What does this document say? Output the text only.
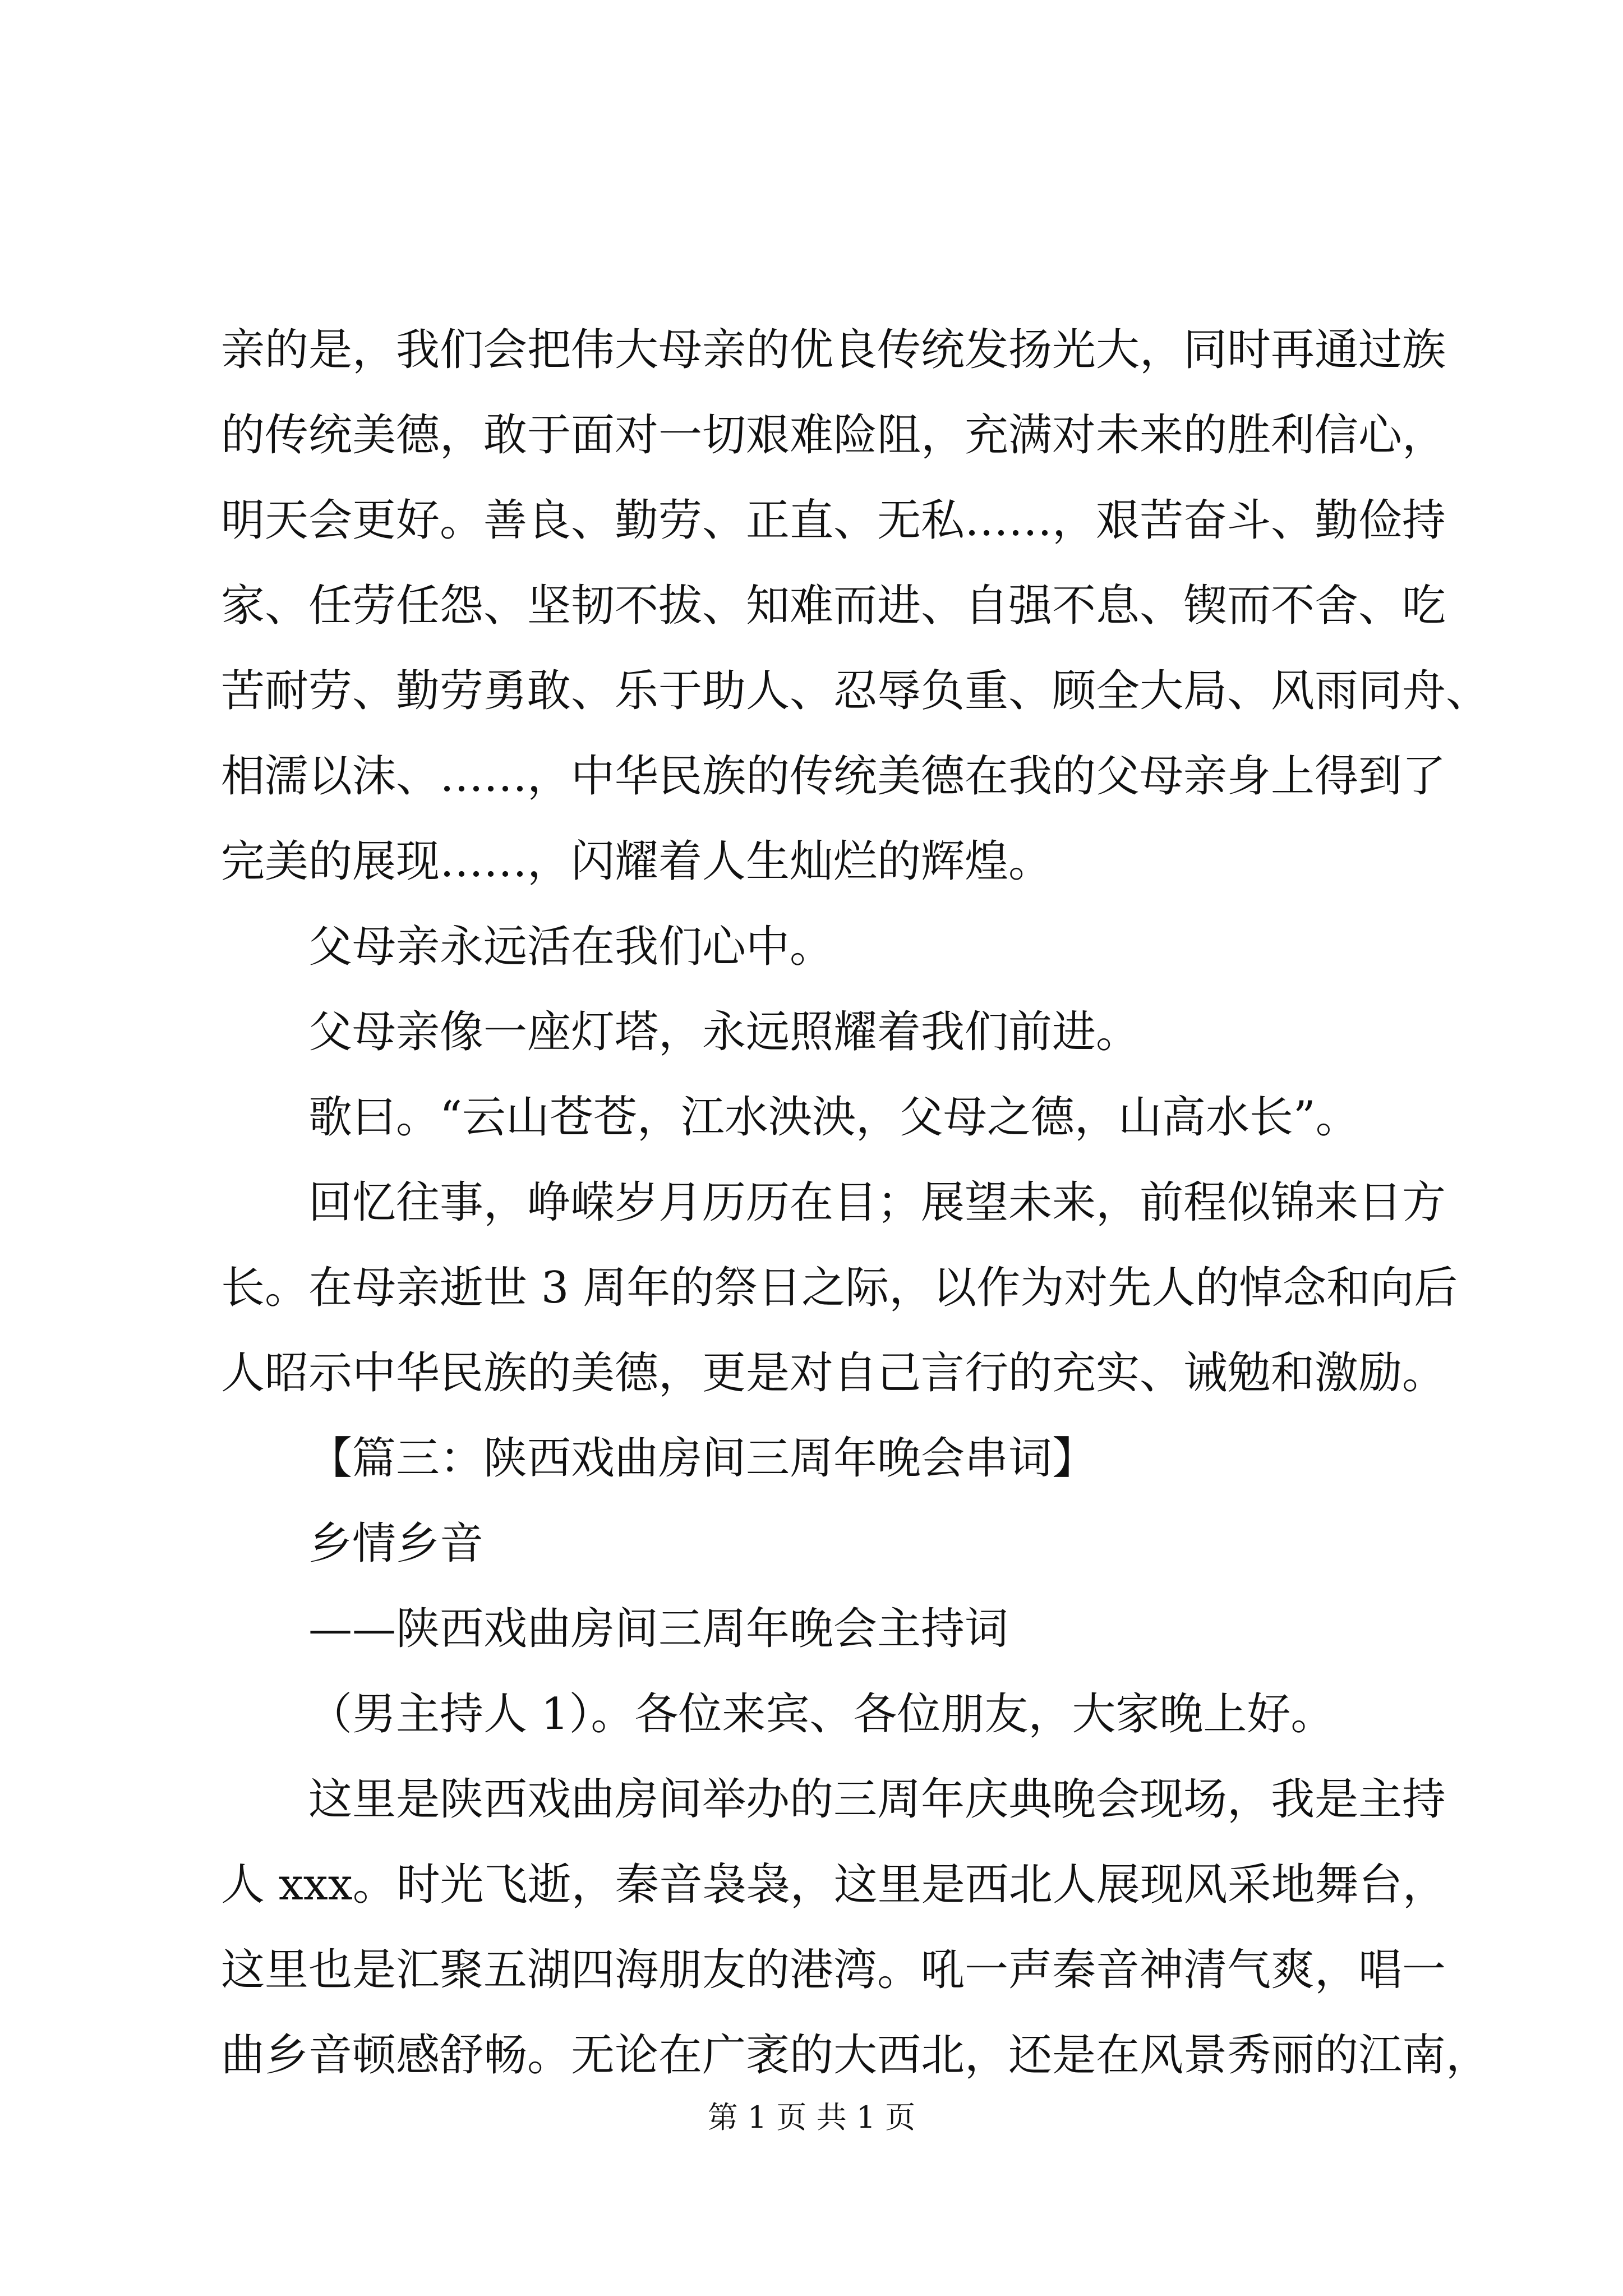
亲的是，我们会把伟大母亲的优良传统发扬光大，同时再通过族
的传统美德，敢于面对一切艰难险阻，充满对未来的胜利信心，
明天会更好。善良、勤劳、正直、无私……，艰苦奋斗、勤俭持
家、任劳任怨、坚韧不拔、知难而进、自强不息、锲而不舍、吃
苦耐劳、勤劳勇敢、乐于助人、忍辱负重、顾全大局、风雨同舟、
相濡以沫、……，中华民族的传统美德在我的父母亲身上得到了
完美的展现……，闪耀着人生灿烂的辉煌。
父母亲永远活在我们心中。
父母亲像一座灯塔，永远照耀着我们前进。
歌曰。“云山苍苍，江水泱泱，父母之德，山高水长”。
回忆往事，峥嵘岁月历历在目；展望未来，前程似锦来日方
长。在母亲逝世 3 周年的祭日之际，以作为对先人的悼念和向后
人昭示中华民族的美德，更是对自己言行的充实、诫勉和激励。
【篇三：陕西戏曲房间三周年晚会串词】
乡情乡音
——陕西戏曲房间三周年晚会主持词
（男主持人 1）。各位来宾、各位朋友，大家晚上好。
这里是陕西戏曲房间举办的三周年庆典晚会现场，我是主持
人 xxx。时光飞逝，秦音袅袅，这里是西北人展现风采地舞台，
这里也是汇聚五湖四海朋友的港湾。吼一声秦音神清气爽，唱一
曲乡音顿感舒畅。无论在广袤的大西北，还是在风景秀丽的江南，
第 1 页 共 1 页
